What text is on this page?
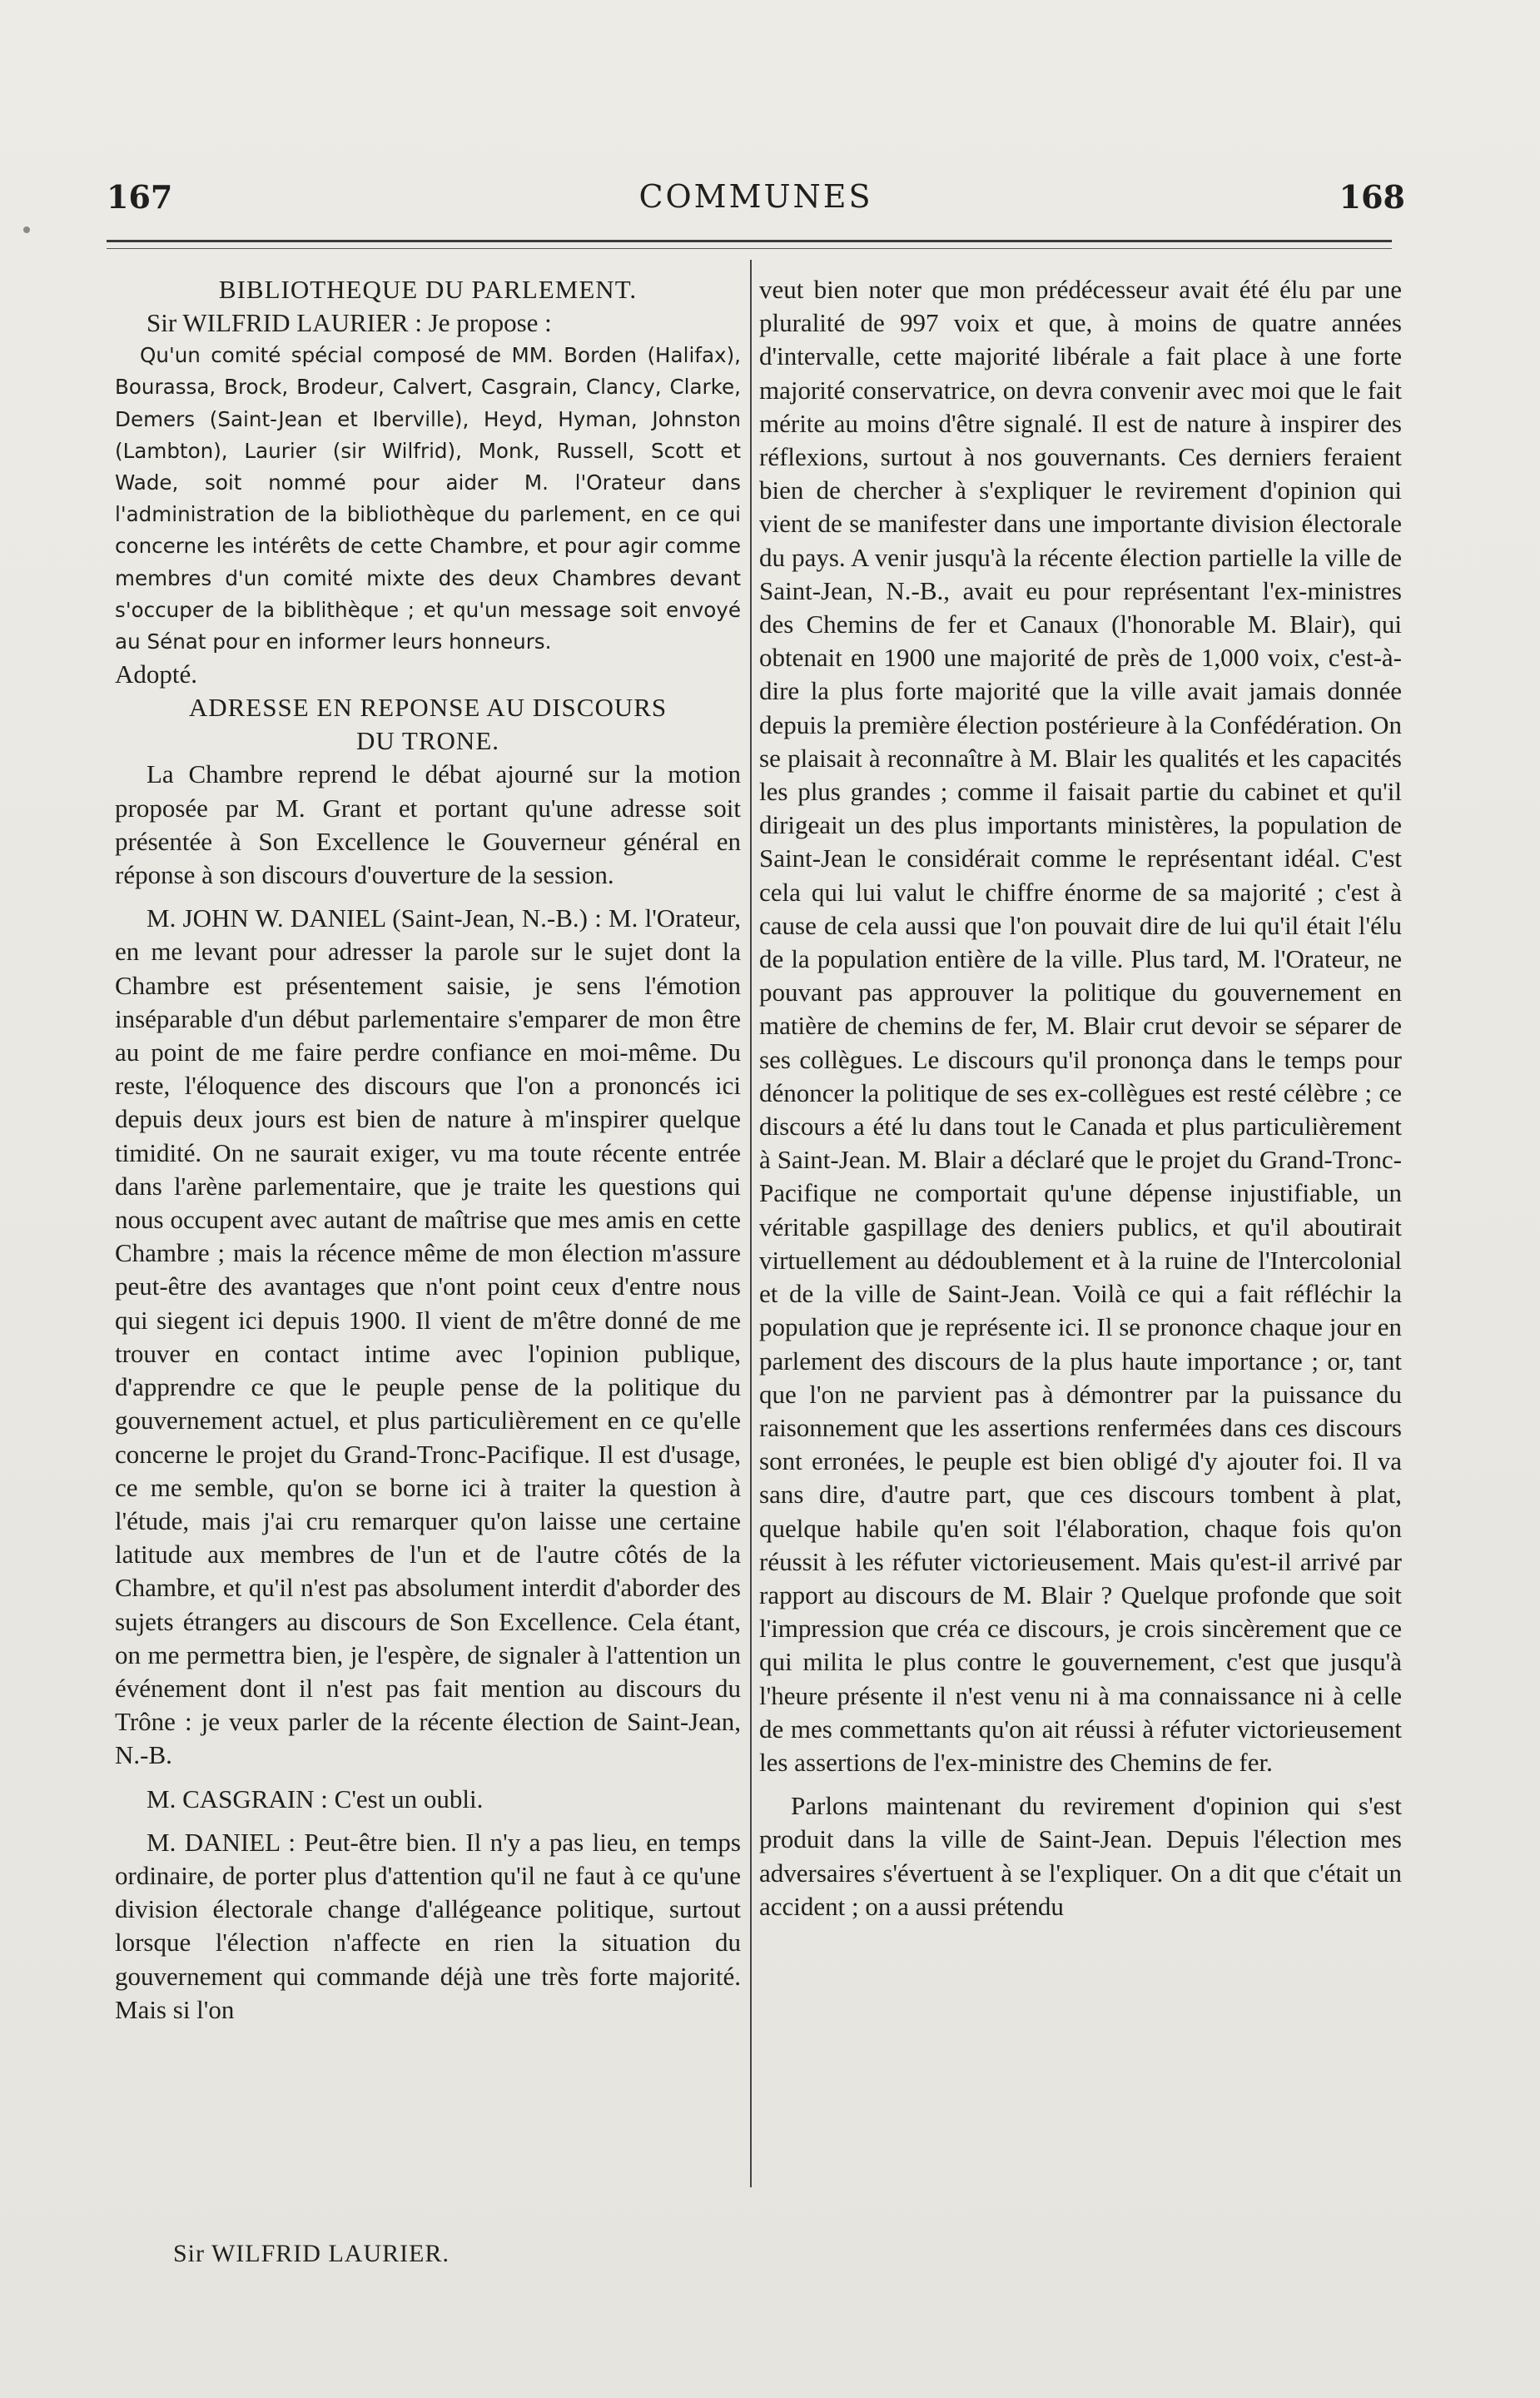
167	COMMUNES	168

BIBLIOTHEQUE DU PARLEMENT.

Sir WILFRID LAURIER : Je propose :

Qu'un comité spécial composé de MM. Borden (Halifax), Bourassa, Brock, Brodeur, Calvert, Casgrain, Clancy, Clarke, Demers (Saint-Jean et Iberville), Heyd, Hyman, Johnston (Lambton), Laurier (sir Wilfrid), Monk, Russell, Scott et Wade, soit nommé pour aider M. l'Orateur dans l'administration de la bibliothèque du parlement, en ce qui concerne les intérêts de cette Chambre, et pour agir comme membres d'un comité mixte des deux Chambres devant s'occuper de la biblithèque ; et qu'un message soit envoyé au Sénat pour en informer leurs honneurs.

Adopté.

ADRESSE EN REPONSE AU DISCOURS

DU TRONE.

La Chambre reprend le débat ajourné sur la motion proposée par M. Grant et portant qu'une adresse soit présentée à Son Excellence le Gouverneur général en réponse à son discours d'ouverture de la session.

M. JOHN W. DANIEL (Saint-Jean, N.-B.) : M. l'Orateur, en me levant pour adresser la parole sur le sujet dont la Chambre est présentement saisie, je sens l'émotion inséparable d'un début parlementaire s'emparer de mon être au point de me faire perdre confiance en moi-même. Du reste, l'éloquence des discours que l'on a prononcés ici depuis deux jours est bien de nature à m'inspirer quelque timidité. On ne saurait exiger, vu ma toute récente entrée dans l'arène parlementaire, que je traite les questions qui nous occupent avec autant de maîtrise que mes amis en cette Chambre ; mais la récence même de mon élection m'assure peut-être des avantages que n'ont point ceux d'entre nous qui siegent ici depuis 1900. Il vient de m'être donné de me trouver en contact intime avec l'opinion publique, d'apprendre ce que le peuple pense de la politique du gouvernement actuel, et plus particulièrement en ce qu'elle concerne le projet du Grand-Tronc-Pacifique. Il est d'usage, ce me semble, qu'on se borne ici à traiter la question à l'étude, mais j'ai cru remarquer qu'on laisse une certaine latitude aux membres de l'un et de l'autre côtés de la Chambre, et qu'il n'est pas absolument interdit d'aborder des sujets étrangers au discours de Son Excellence. Cela étant, on me permettra bien, je l'espère, de signaler à l'attention un événement dont il n'est pas fait mention au discours du Trône : je veux parler de la récente élection de Saint-Jean, N.-B.

M. CASGRAIN : C'est un oubli.

M. DANIEL : Peut-être bien. Il n'y a pas lieu, en temps ordinaire, de porter plus d'attention qu'il ne faut à ce qu'une division électorale change d'allégeance politique, surtout lorsque l'élection n'affecte en rien la situation du gouvernement qui commande déjà une très forte majorité. Mais si l'on

veut bien noter que mon prédécesseur avait été élu par une pluralité de 997 voix et que, à moins de quatre années d'intervalle, cette majorité libérale a fait place à une forte majorité conservatrice, on devra convenir avec moi que le fait mérite au moins d'être signalé. Il est de nature à inspirer des réflexions, surtout à nos gouvernants. Ces derniers feraient bien de chercher à s'expliquer le revirement d'opinion qui vient de se manifester dans une importante division électorale du pays. A venir jusqu'à la récente élection partielle la ville de Saint-Jean, N.-B., avait eu pour représentant l'ex-ministres des Chemins de fer et Canaux (l'honorable M. Blair), qui obtenait en 1900 une majorité de près de 1,000 voix, c'est-à-dire la plus forte majorité que la ville avait jamais donnée depuis la première élection postérieure à la Confédération. On se plaisait à reconnaître à M. Blair les qualités et les capacités les plus grandes ; comme il faisait partie du cabinet et qu'il dirigeait un des plus importants ministères, la population de Saint-Jean le considérait comme le représentant idéal. C'est cela qui lui valut le chiffre énorme de sa majorité ; c'est à cause de cela aussi que l'on pouvait dire de lui qu'il était l'élu de la population entière de la ville. Plus tard, M. l'Orateur, ne pouvant pas approuver la politique du gouvernement en matière de chemins de fer, M. Blair crut devoir se séparer de ses collègues. Le discours qu'il prononça dans le temps pour dénoncer la politique de ses ex-collègues est resté célèbre ; ce discours a été lu dans tout le Canada et plus particulièrement à Saint-Jean. M. Blair a déclaré que le projet du Grand-Tronc-Pacifique ne comportait qu'une dépense injustifiable, un véritable gaspillage des deniers publics, et qu'il aboutirait virtuellement au dédoublement et à la ruine de l'Intercolonial et de la ville de Saint-Jean. Voilà ce qui a fait réfléchir la population que je représente ici. Il se prononce chaque jour en parlement des discours de la plus haute importance ; or, tant que l'on ne parvient pas à démontrer par la puissance du raisonnement que les assertions renfermées dans ces discours sont erronées, le peuple est bien obligé d'y ajouter foi. Il va sans dire, d'autre part, que ces discours tombent à plat, quelque habile qu'en soit l'élaboration, chaque fois qu'on réussit à les réfuter victorieusement. Mais qu'est-il arrivé par rapport au discours de M. Blair ? Quelque profonde que soit l'impression que créa ce discours, je crois sincèrement que ce qui milita le plus contre le gouvernement, c'est que jusqu'à l'heure présente il n'est venu ni à ma connaissance ni à celle de mes commettants qu'on ait réussi à réfuter victorieusement les assertions de l'ex-ministre des Chemins de fer.

Parlons maintenant du revirement d'opinion qui s'est produit dans la ville de Saint-Jean. Depuis l'élection mes adversaires s'évertuent à se l'expliquer. On a dit que c'était un accident ; on a aussi prétendu

Sir WILFRID LAURIER.
